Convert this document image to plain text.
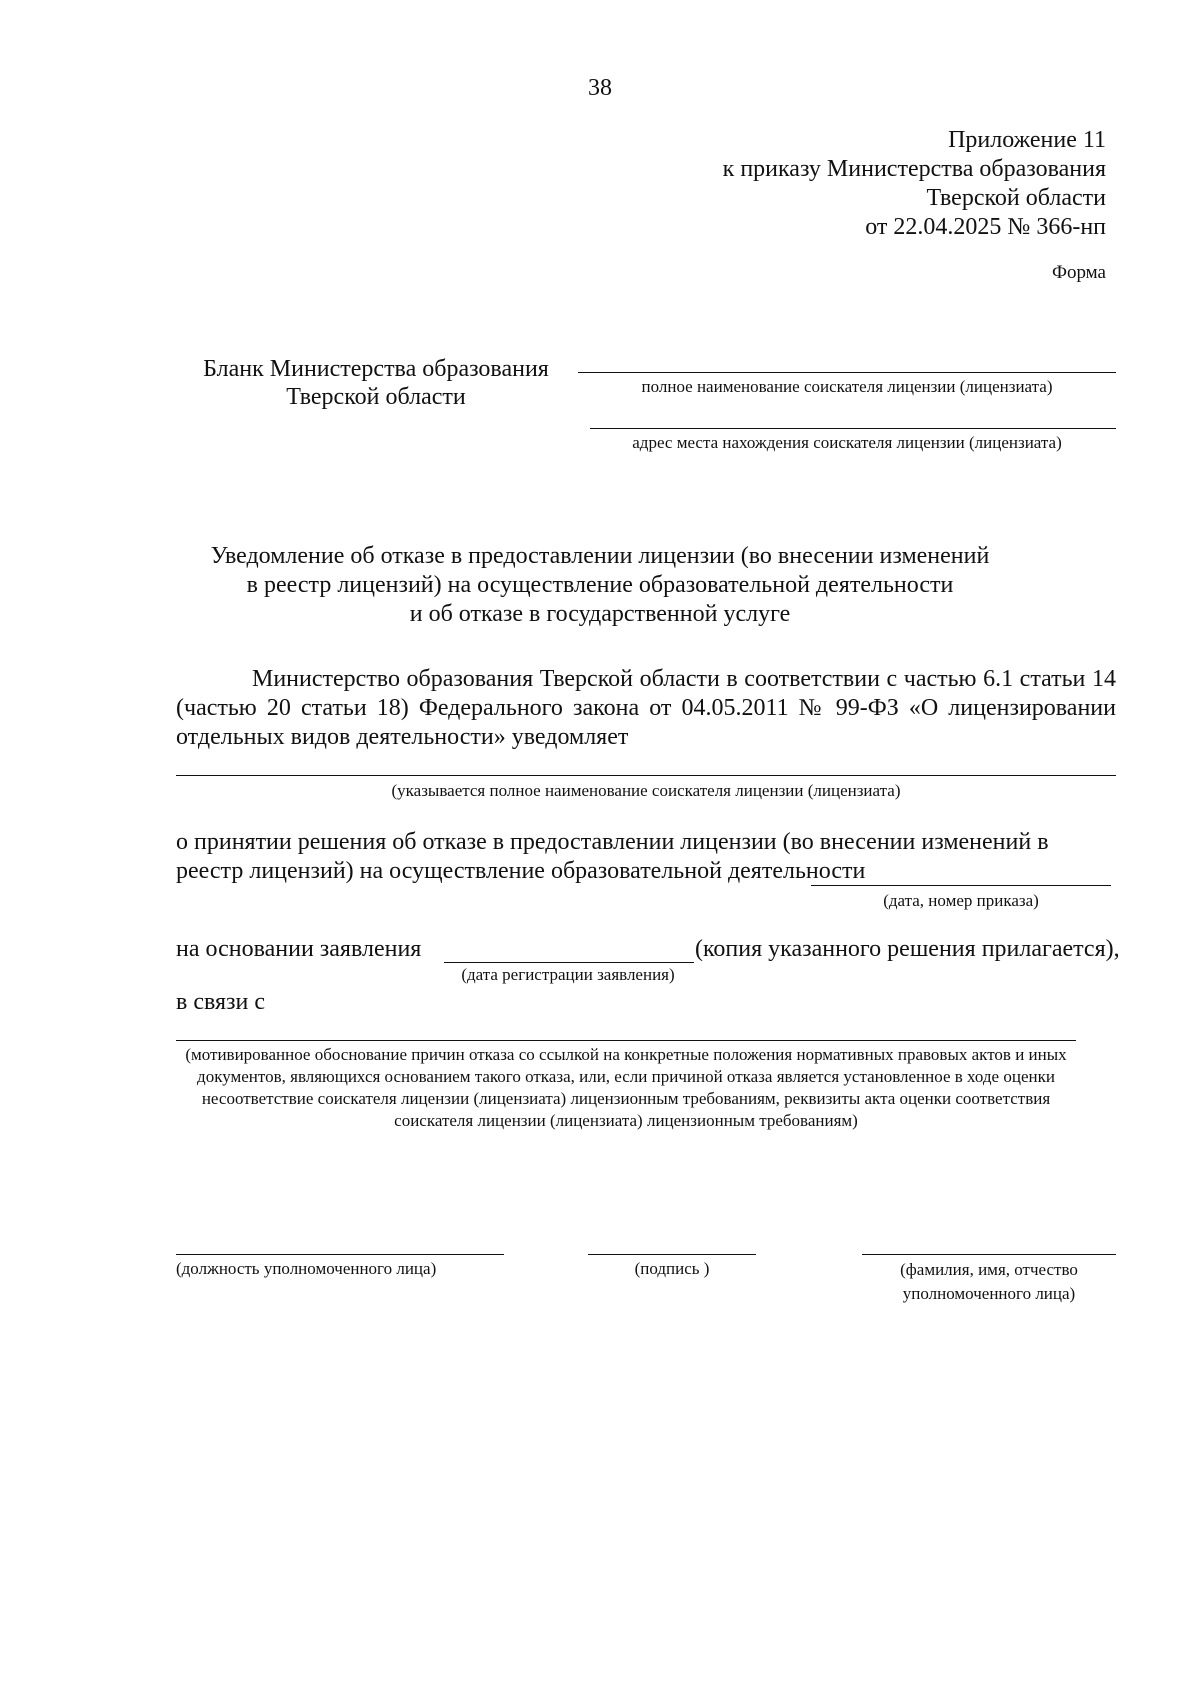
38
Приложение 11
к приказу Министерства образования
Тверской области
от 22.04.2025 № 366-нп
Форма
Бланк Министерства образования
Тверской области	полное наименование соискателя лицензии (лицензиата)
адрес места нахождения соискателя лицензии (лицензиата)
Уведомление об отказе в предоставлении лицензии (во внесении изменений
в реестр лицензий) на осуществление образовательной деятельности
и об отказе в государственной услуге
Министерство образования Тверской области в соответствии с частью 6.1 статьи 14 (частью 20 статьи 18) Федерального закона от 04.05.2011 № 99-ФЗ «О лицензировании отдельных видов деятельности» уведомляет
(указывается полное наименование соискателя лицензии (лицензиата)
о принятии решения об отказе в предоставлении лицензии (во внесении изменений в реестр лицензий) на осуществление образовательной деятельности
(дата, номер приказа)
на основании заявления	(копия указанного решения прилагается),
(дата регистрации заявления)
в связи с
(мотивированное обоснование причин отказа со ссылкой на конкретные положения нормативных правовых актов и иных документов, являющихся основанием такого отказа, или, если причиной отказа является установленное в ходе оценки несоответствие соискателя лицензии (лицензиата) лицензионным требованиям, реквизиты акта оценки соответствия соискателя лицензии (лицензиата) лицензионным требованиям)
(должность уполномоченного лица)	(подпись )	(фамилия, имя, отчество уполномоченного лица)
